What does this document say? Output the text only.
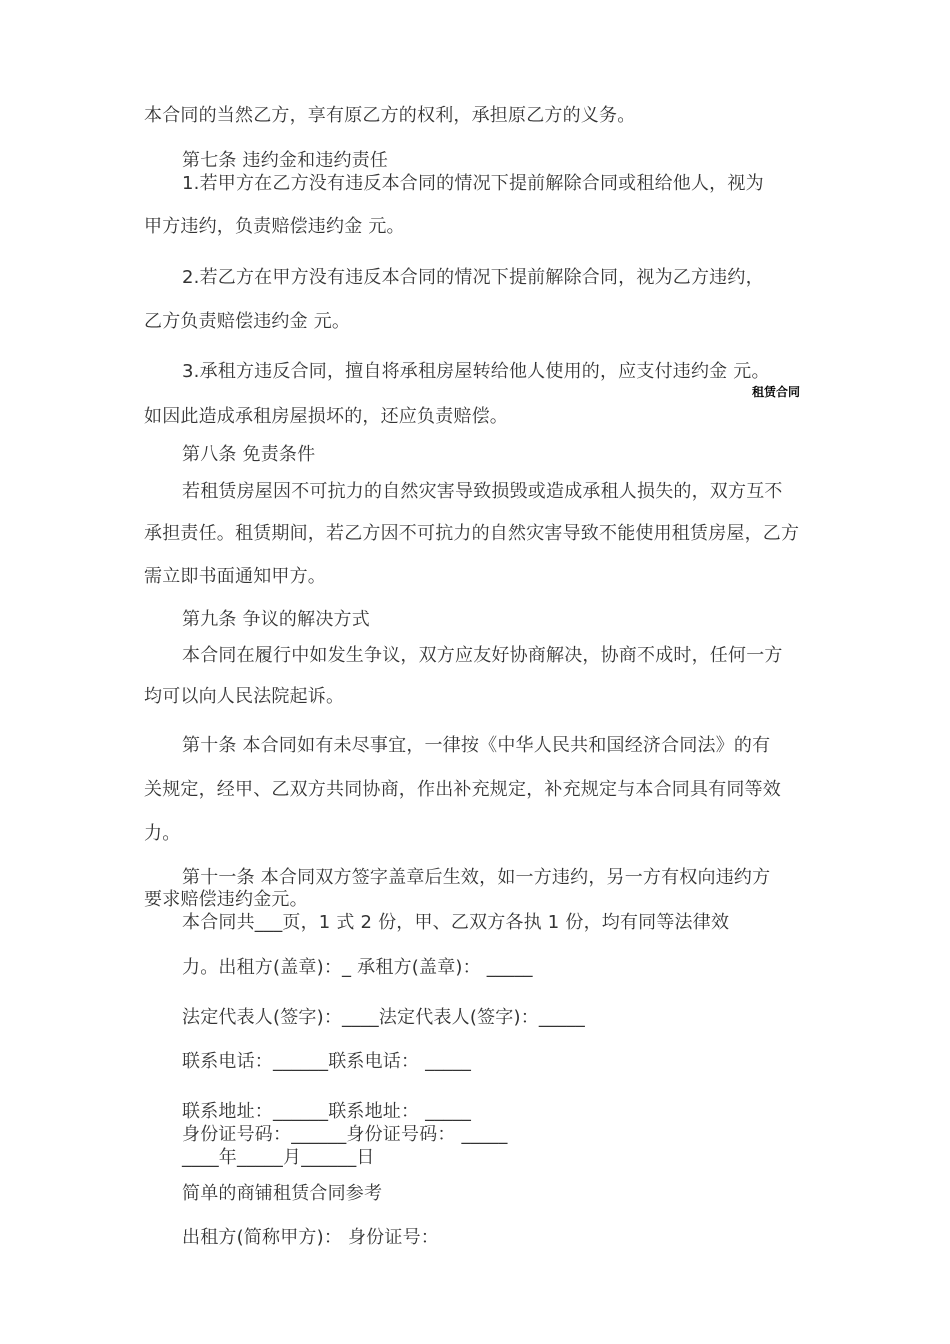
租赁合同
本合同的当然乙方，享有原乙方的权利，承担原乙方的义务。
第七条 违约金和违约责任
1.若甲方在乙方没有违反本合同的情况下提前解除合同或租给他人，视为
甲方违约，负责赔偿违约金 元。
2.若乙方在甲方没有违反本合同的情况下提前解除合同，视为乙方违约，
乙方负责赔偿违约金 元。
3.承租方违反合同，擅自将承租房屋转给他人使用的，应支付违约金 元。
如因此造成承租房屋损坏的，还应负责赔偿。
第八条 免责条件
若租赁房屋因不可抗力的自然灾害导致损毁或造成承租人损失的，双方互不
承担责任。租赁期间，若乙方因不可抗力的自然灾害导致不能使用租赁房屋，乙方
需立即书面通知甲方。
第九条 争议的解决方式
本合同在履行中如发生争议，双方应友好协商解决，协商不成时，任何一方
均可以向人民法院起诉。
第十条 本合同如有未尽事宜，一律按《中华人民共和国经济合同法》的有
关规定，经甲、乙双方共同协商，作出补充规定，补充规定与本合同具有同等效
力。
第十一条 本合同双方签字盖章后生效，如一方违约，另一方有权向违约方
要求赔偿违约金元。
本合同共___页，1 式 2 份，甲、乙双方各执 1 份，均有同等法律效
力。出租方(盖章)：_ 承租方(盖章)： _____
法定代表人(签字)：____法定代表人(签字)：_____
联系电话：______联系电话： _____
联系地址：______联系地址： _____
身份证号码：______身份证号码： _____
____年_____月______日
简单的商铺租赁合同参考
出租方(简称甲方)： 身份证号：
